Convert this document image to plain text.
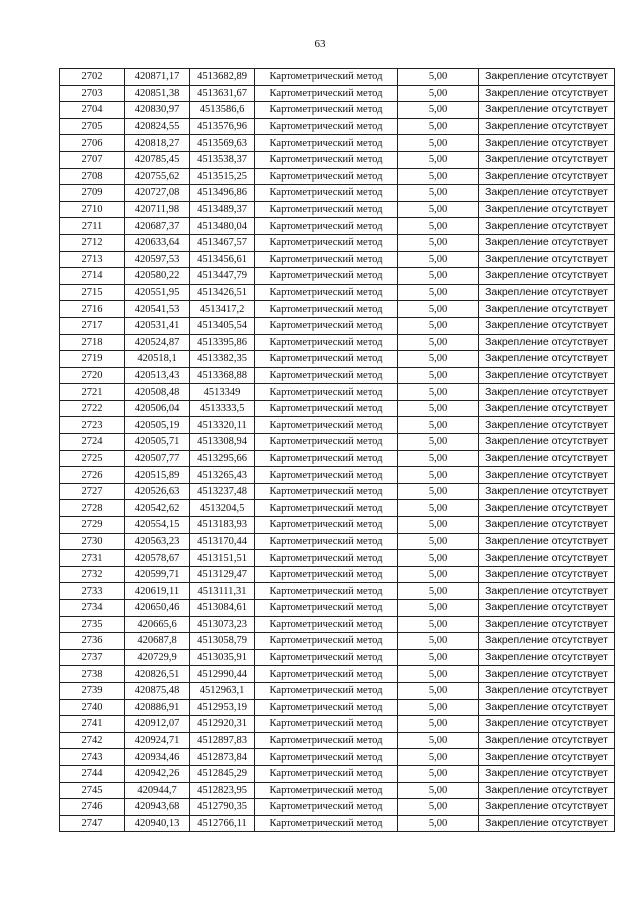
63
2702	420871,17	4513682,89	Картометрический метод	5,00	Закрепление отсутствует
2703	420851,38	4513631,67	Картометрический метод	5,00	Закрепление отсутствует
2704	420830,97	4513586,6	Картометрический метод	5,00	Закрепление отсутствует
2705	420824,55	4513576,96	Картометрический метод	5,00	Закрепление отсутствует
2706	420818,27	4513569,63	Картометрический метод	5,00	Закрепление отсутствует
2707	420785,45	4513538,37	Картометрический метод	5,00	Закрепление отсутствует
2708	420755,62	4513515,25	Картометрический метод	5,00	Закрепление отсутствует
2709	420727,08	4513496,86	Картометрический метод	5,00	Закрепление отсутствует
2710	420711,98	4513489,37	Картометрический метод	5,00	Закрепление отсутствует
2711	420687,37	4513480,04	Картометрический метод	5,00	Закрепление отсутствует
2712	420633,64	4513467,57	Картометрический метод	5,00	Закрепление отсутствует
2713	420597,53	4513456,61	Картометрический метод	5,00	Закрепление отсутствует
2714	420580,22	4513447,79	Картометрический метод	5,00	Закрепление отсутствует
2715	420551,95	4513426,51	Картометрический метод	5,00	Закрепление отсутствует
2716	420541,53	4513417,2	Картометрический метод	5,00	Закрепление отсутствует
2717	420531,41	4513405,54	Картометрический метод	5,00	Закрепление отсутствует
2718	420524,87	4513395,86	Картометрический метод	5,00	Закрепление отсутствует
2719	420518,1	4513382,35	Картометрический метод	5,00	Закрепление отсутствует
2720	420513,43	4513368,88	Картометрический метод	5,00	Закрепление отсутствует
2721	420508,48	4513349	Картометрический метод	5,00	Закрепление отсутствует
2722	420506,04	4513333,5	Картометрический метод	5,00	Закрепление отсутствует
2723	420505,19	4513320,11	Картометрический метод	5,00	Закрепление отсутствует
2724	420505,71	4513308,94	Картометрический метод	5,00	Закрепление отсутствует
2725	420507,77	4513295,66	Картометрический метод	5,00	Закрепление отсутствует
2726	420515,89	4513265,43	Картометрический метод	5,00	Закрепление отсутствует
2727	420526,63	4513237,48	Картометрический метод	5,00	Закрепление отсутствует
2728	420542,62	4513204,5	Картометрический метод	5,00	Закрепление отсутствует
2729	420554,15	4513183,93	Картометрический метод	5,00	Закрепление отсутствует
2730	420563,23	4513170,44	Картометрический метод	5,00	Закрепление отсутствует
2731	420578,67	4513151,51	Картометрический метод	5,00	Закрепление отсутствует
2732	420599,71	4513129,47	Картометрический метод	5,00	Закрепление отсутствует
2733	420619,11	4513111,31	Картометрический метод	5,00	Закрепление отсутствует
2734	420650,46	4513084,61	Картометрический метод	5,00	Закрепление отсутствует
2735	420665,6	4513073,23	Картометрический метод	5,00	Закрепление отсутствует
2736	420687,8	4513058,79	Картометрический метод	5,00	Закрепление отсутствует
2737	420729,9	4513035,91	Картометрический метод	5,00	Закрепление отсутствует
2738	420826,51	4512990,44	Картометрический метод	5,00	Закрепление отсутствует
2739	420875,48	4512963,1	Картометрический метод	5,00	Закрепление отсутствует
2740	420886,91	4512953,19	Картометрический метод	5,00	Закрепление отсутствует
2741	420912,07	4512920,31	Картометрический метод	5,00	Закрепление отсутствует
2742	420924,71	4512897,83	Картометрический метод	5,00	Закрепление отсутствует
2743	420934,46	4512873,84	Картометрический метод	5,00	Закрепление отсутствует
2744	420942,26	4512845,29	Картометрический метод	5,00	Закрепление отсутствует
2745	420944,7	4512823,95	Картометрический метод	5,00	Закрепление отсутствует
2746	420943,68	4512790,35	Картометрический метод	5,00	Закрепление отсутствует
2747	420940,13	4512766,11	Картометрический метод	5,00	Закрепление отсутствует
